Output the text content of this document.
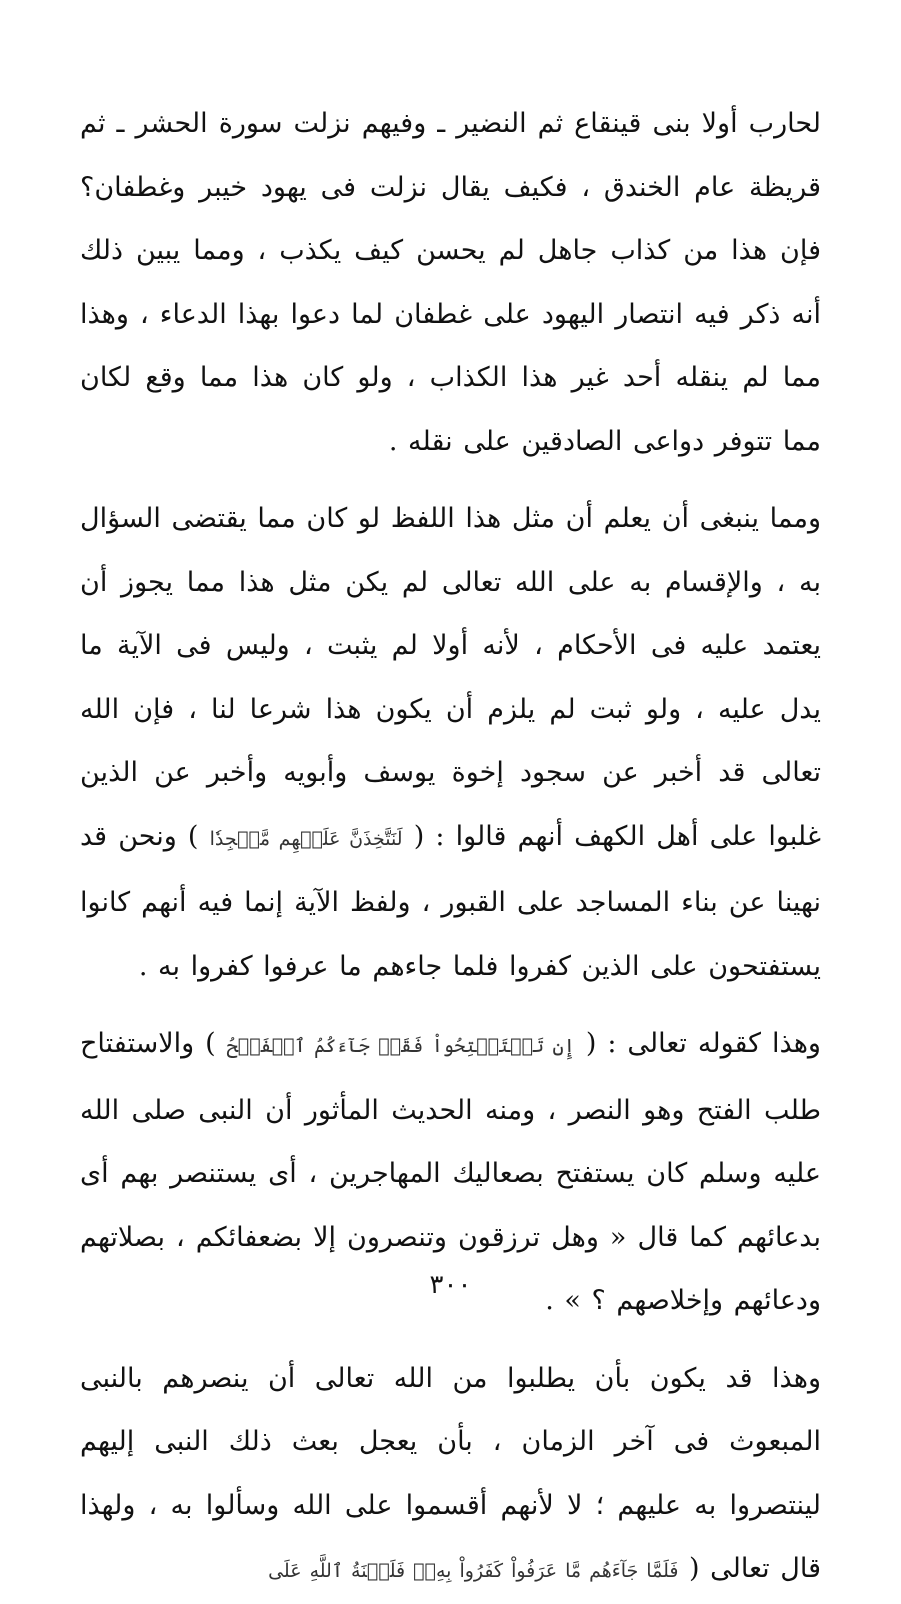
لحارب أولا بنى قينقاع ثم النضير ـ وفيهم نزلت سورة الحشر ـ ثم قريظة عام الخندق ، فكيف يقال نزلت فى يهود خيبر وغطفان؟ فإن هذا من كذاب جاهل لم يحسن كيف يكذب ، ومما يبين ذلك أنه ذكر فيه انتصار اليهود على غطفان لما دعوا بهذا الدعاء ، وهذا مما لم ينقله أحد غير هذا الكذاب ، ولو كان هذا مما وقع لكان مما تتوفر دواعى الصادقين على نقله .

ومما ينبغى أن يعلم أن مثل هذا اللفظ لو كان مما يقتضى السؤال به ، والإقسام به على الله تعالى لم يكن مثل هذا مما يجوز أن يعتمد عليه فى الأحكام ، لأنه أولا لم يثبت ، وليس فى الآية ما يدل عليه ، ولو ثبت لم يلزم أن يكون هذا شرعا لنا ، فإن الله تعالى قد أخبر عن سجود إخوة يوسف وأبويه وأخبر عن الذين غلبوا على أهل الكهف أنهم قالوا : ( لَنَتَّخِذَنَّ عَلَيۡهِم مَّسۡجِدٗا ) ونحن قد نهينا عن بناء المساجد على القبور ، ولفظ الآية إنما فيه أنهم كانوا يستفتحون على الذين كفروا فلما جاءهم ما عرفوا كفروا به .

وهذا كقوله تعالى : ( إِن تَسۡتَفۡتِحُواْ فَقَدۡ جَآءَكُمُ ٱلۡفَتۡحُ ) والاستفتاح طلب الفتح وهو النصر ، ومنه الحديث المأثور أن النبى صلى الله عليه وسلم كان يستفتح بصعاليك المهاجرين ، أى يستنصر بهم أى بدعائهم كما قال « وهل ترزقون وتنصرون إلا بضعفائكم ، بصلاتهم ودعائهم وإخلاصهم ؟ » .

وهذا قد يكون بأن يطلبوا من الله تعالى أن ينصرهم بالنبى المبعوث فى آخر الزمان ، بأن يعجل بعث ذلك النبى إليهم لينتصروا به عليهم ؛ لا لأنهم أقسموا على الله وسألوا به ، ولهذا قال تعالى ( فَلَمَّا جَآءَهُم مَّا عَرَفُواْ كَفَرُواْ بِهِۦۚ فَلَعۡنَةُ ٱللَّهِ عَلَى

٣٠٠
